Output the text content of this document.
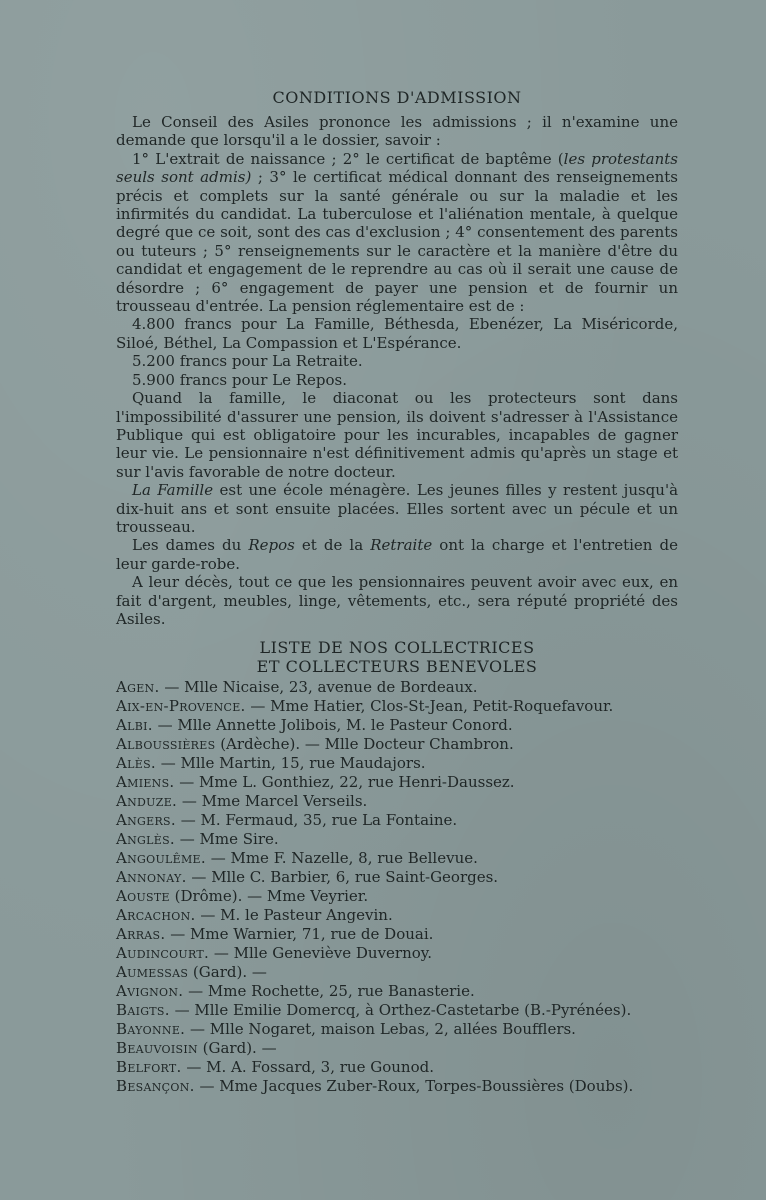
CONDITIONS D'ADMISSION

Le Conseil des Asiles prononce les admissions ; il n'examine une demande que lorsqu'il a le dossier, savoir :

1° L'extrait de naissance ; 2° le certificat de baptême (les protestants seuls sont admis) ; 3° le certificat médical donnant des renseignements précis et complets sur la santé générale ou sur la maladie et les infirmités du candidat. La tuberculose et l'aliénation mentale, à quelque degré que ce soit, sont des cas d'exclusion ; 4° consentement des parents ou tuteurs ; 5° renseignements sur le caractère et la manière d'être du candidat et engagement de le reprendre au cas où il serait une cause de désordre ; 6° engagement de payer une pension et de fournir un trousseau d'entrée. La pension réglementaire est de :

4.800 francs pour La Famille, Béthesda, Ebenézer, La Miséricorde, Siloé, Béthel, La Compassion et L'Espérance.

5.200 francs pour La Retraite.

5.900 francs pour Le Repos.

Quand la famille, le diaconat ou les protecteurs sont dans l'impossibilité d'assurer une pension, ils doivent s'adresser à l'Assistance Publique qui est obligatoire pour les incurables, incapables de gagner leur vie. Le pensionnaire n'est définitivement admis qu'après un stage et sur l'avis favorable de notre docteur.

La Famille est une école ménagère. Les jeunes filles y restent jusqu'à dix-huit ans et sont ensuite placées. Elles sortent avec un pécule et un trousseau.

Les dames du Repos et de la Retraite ont la charge et l'entretien de leur garde-robe.

A leur décès, tout ce que les pensionnaires peuvent avoir avec eux, en fait d'argent, meubles, linge, vêtements, etc., sera réputé propriété des Asiles.

LISTE DE NOS COLLECTRICES
ET COLLECTEURS BENEVOLES

Agen. — Mlle Nicaise, 23, avenue de Bordeaux.

Aix-en-Provence. — Mme Hatier, Clos-St-Jean, Petit-Roquefavour.

Albi. — Mlle Annette Jolibois, M. le Pasteur Conord.

Alboussières (Ardèche). — Mlle Docteur Chambron.

Alès. — Mlle Martin, 15, rue Maudajors.

Amiens. — Mme L. Gonthiez, 22, rue Henri-Daussez.

Anduze. — Mme Marcel Verseils.

Angers. — M. Fermaud, 35, rue La Fontaine.

Anglès. — Mme Sire.

Angoulême. — Mme F. Nazelle, 8, rue Bellevue.

Annonay. — Mlle C. Barbier, 6, rue Saint-Georges.

Aouste (Drôme). — Mme Veyrier.

Arcachon. — M. le Pasteur Angevin.

Arras. — Mme Warnier, 71, rue de Douai.

Audincourt. — Mlle Geneviève Duvernoy.

Aumessas (Gard). —

Avignon. — Mme Rochette, 25, rue Banasterie.

Baigts. — Mlle Emilie Domercq, à Orthez-Castetarbe (B.-Pyrénées).

Bayonne. — Mlle Nogaret, maison Lebas, 2, allées Boufflers.

Beauvoisin (Gard). —

Belfort. — M. A. Fossard, 3, rue Gounod.

Besançon. — Mme Jacques Zuber-Roux, Torpes-Boussières (Doubs).
